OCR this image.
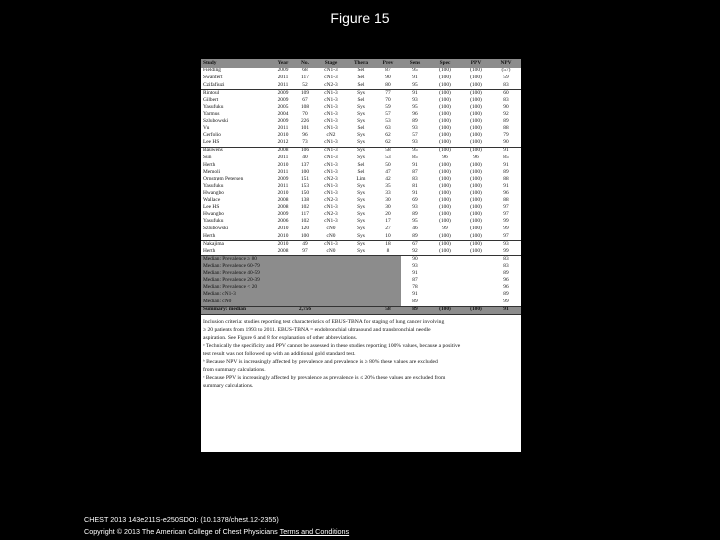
Figure 15
Study	Year	No.	Stage	Thera	Prev	Sens	Spec	PPV	NPV
Fielding	2009	68	cN1-3	Sel	87	95	(100)	(100)	(57)
Swanfert	2011	117	cN1-3	Sel	90	91	(100)	(100)	59
Czifafiuzi	2011	52	cN2-3	Sel	80	95	(100)	(100)	83
Rintoul	2009	109	cN1-3	Sys	77	91	(100)	(100)	60
Gilbert	2009	67	cN1-3	Sel	70	93	(100)	(100)	83
Yasufuku	2005	108	cN1-3	Sys	59	95	(100)	(100)	90
Yarmus	2004	70	cN1-3	Sys	57	96	(100)	(100)	92
Szlubowski	2009	226	cN1-3	Sys	53	89	(100)	(100)	89
Vu	2011	101	cN1-3	Sel	63	93	(100)	(100)	88
Cerfolio	2010	96	cN2	Sys	62	57	(100)	(100)	79
Lee HS	2012	73	cN1-3	Sys	62	93	(100)	(100)	90
Bauwens	2008	106	cN1-3	Sys	58	95	(100)	(100)	91
Sun	2011	40	cN1-3	Sys	53	85	96	96	85
Herth	2010	137	cN1-3	Sel	50	91	(100)	(100)	91
Memoli	2011	100	cN1-3	Sel	47	87	(100)	(100)	89
Ornstrøm Petersen	2009	151	cN2-3	Lim	42	83	(100)	(100)	88
Yasufuku	2011	153	cN1-3	Sys	35	81	(100)	(100)	91
Hwangbo	2010	150	cN1-3	Sys	33	91	(100)	(100)	96
Wallace	2008	138	cN2-3	Sys	30	69	(100)	(100)	88
Lee HS	2008	102	cN1-3	Sys	30	93	(100)	(100)	97
Hwangbo	2009	117	cN2-3	Sys	20	89	(100)	(100)	97
Yasufuku	2006	102	cN1-3	Sys	17	95	(100)	(100)	99
Szlubowski	2010	120	cN0	Sys	27	46	99	(100)	99
Herth	2010	100	cN0	Sys	10	89	(100)	(100)	97
Nakajima	2010	49	cN1-3	Sys	18	67	(100)	(100)	93
Herth	2008	97	cN0	Sys	8	92	(100)	(100)	99
Median: Prevalence ≥ 80						90			83
Median: Prevalence 60-79						93			83
Median: Prevalence 40-59						91			89
Median: Prevalence 20-39						87			96
Median: Prevalence < 20						78			96
Median: cN1-3						91			89
Median: cN0						89			99
Summary: median		2,756			58	89	(100)	(100)	91
Inclusion criteria: studies reporting test characteristics of EBUS-TBNA for staging of lung cancer involving
≥ 20 patients from 1993 to 2011. EBUS-TBNA = endobronchial ultrasound and transbronchial needle
aspiration. See Figure 6 and 8 for explanation of other abbreviations.
ᵃ Technically the specificity and PPV cannot be assessed in these studies reporting 100% values, because a positive
test result was not followed up with an additional gold standard test.
ᵇ Because NPV is increasingly affected by prevalence and prevalence is ≥ 80% these values are excluded
from summary calculations.
ᶜ Because PPV is increasingly affected by prevalence as prevalence is ≤ 20% these values are excluded from
summary calculations.
CHEST 2013 143e211S-e250SDOI: (10.1378/chest.12-2355)
Copyright © 2013 The American College of Chest Physicians Terms and Conditions
